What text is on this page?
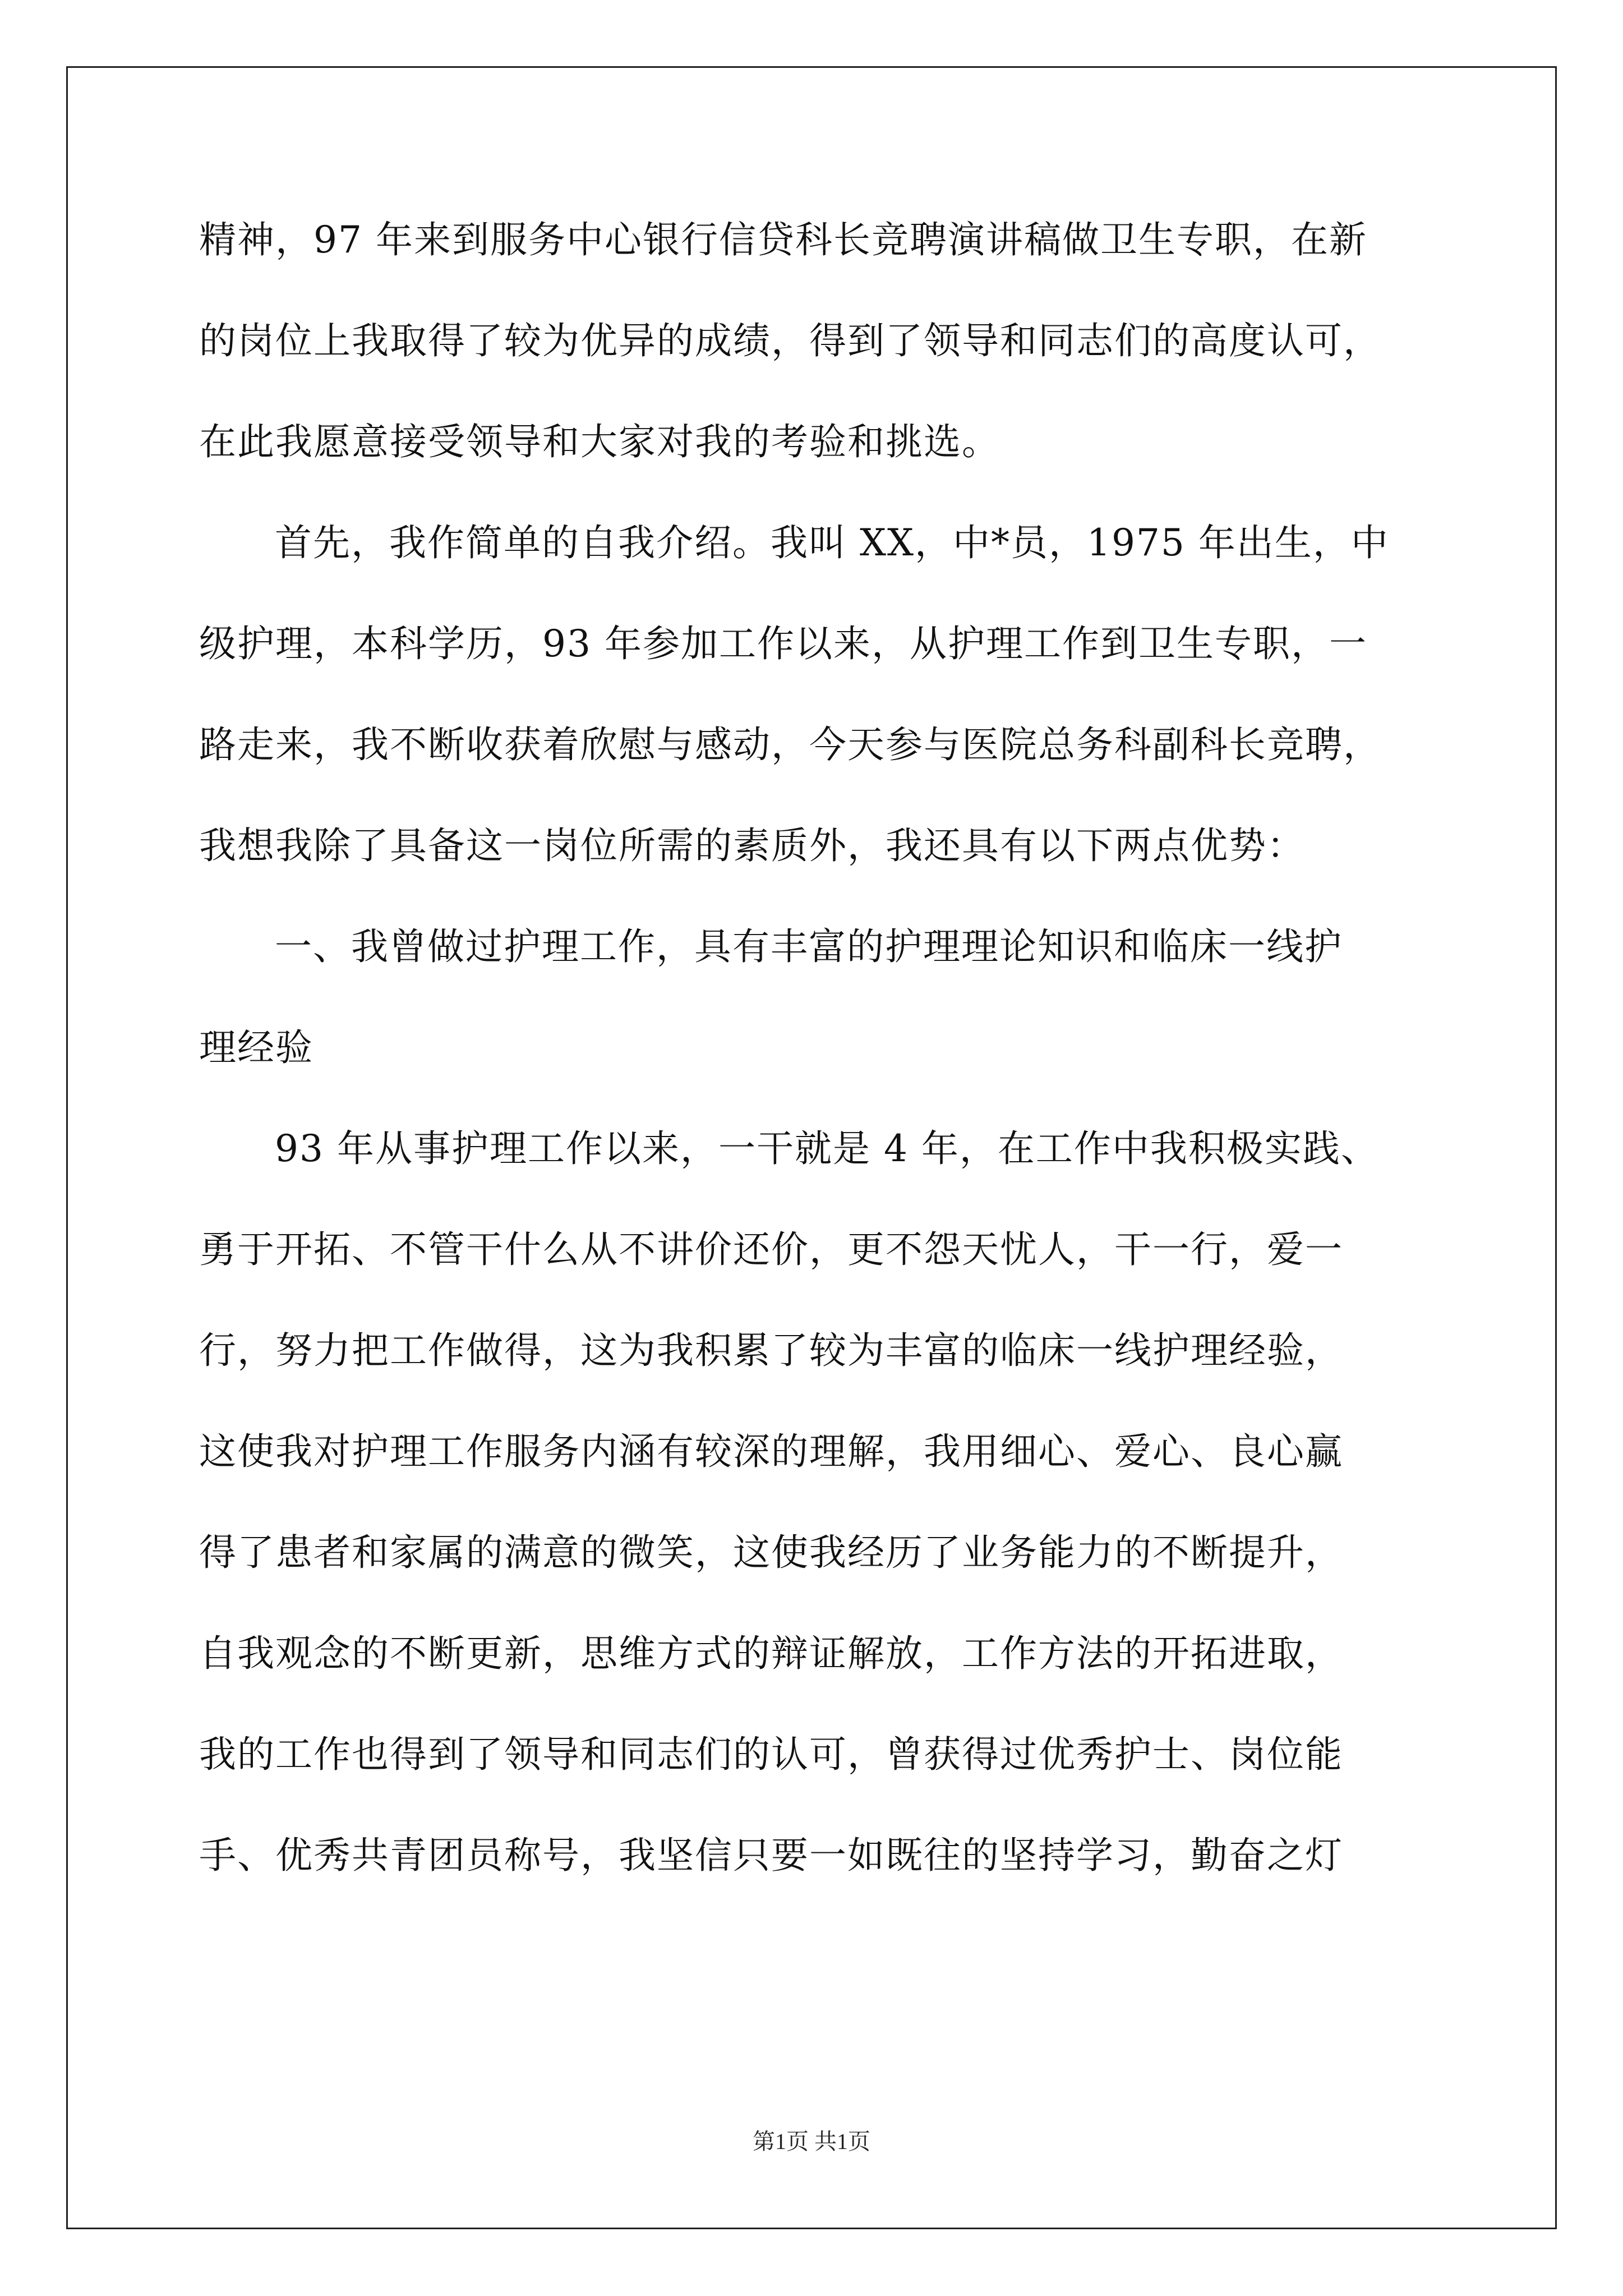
精神，97 年来到服务中心银行信贷科长竞聘演讲稿做卫生专职，在新
的岗位上我取得了较为优异的成绩，得到了领导和同志们的高度认可，
在此我愿意接受领导和大家对我的考验和挑选。
首先，我作简单的自我介绍。我叫 XX，中*员，1975 年出生，中
级护理，本科学历，93 年参加工作以来，从护理工作到卫生专职，一
路走来，我不断收获着欣慰与感动，今天参与医院总务科副科长竞聘，
我想我除了具备这一岗位所需的素质外，我还具有以下两点优势：
一、我曾做过护理工作，具有丰富的护理理论知识和临床一线护
理经验
93 年从事护理工作以来，一干就是 4 年，在工作中我积极实践、
勇于开拓、不管干什么从不讲价还价，更不怨天忧人，干一行，爱一
行，努力把工作做得，这为我积累了较为丰富的临床一线护理经验，
这使我对护理工作服务内涵有较深的理解，我用细心、爱心、良心赢
得了患者和家属的满意的微笑，这使我经历了业务能力的不断提升，
自我观念的不断更新，思维方式的辩证解放，工作方法的开拓进取，
我的工作也得到了领导和同志们的认可，曾获得过优秀护士、岗位能
手、优秀共青团员称号，我坚信只要一如既往的坚持学习，勤奋之灯
第1页 共1页
